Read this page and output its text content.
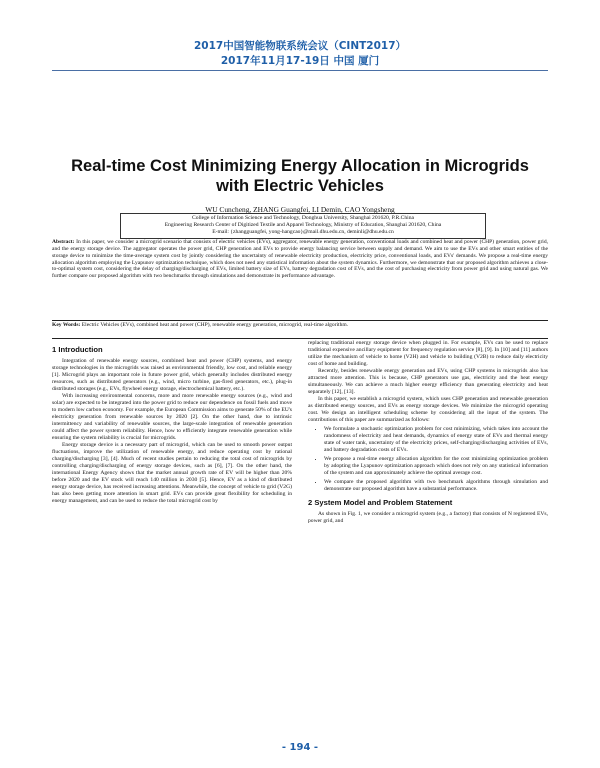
2017中国智能物联系统会议（CINT2017）
2017年11月17-19日 中国 厦门
Real-time Cost Minimizing Energy Allocation in Microgrids with Electric Vehicles
WU Cuncheng, ZHANG Guangfei, LI Demin, CAO Yongsheng
College of Information Science and Technology, Donghua University, Shanghai 201620, P.R.China
Engineering Research Center of Digitized Textile and Apparel Technology, Ministry of Education, Shanghai 201620, China
E-mail: {zhangguangfei, yong-hangcao}@mail.dhu.edu.cn, deminli@dhu.edu.cn
Abstract: In this paper, we consider a microgrid scenario that consists of electric vehicles (EVs), aggregator, renewable energy generation, conventional loads and combined heat and power (CHP) generation, power grid, and the energy storage device. The aggregator operates the power grid, CHP generation and EVs to provide energy balancing service between supply and demand. We aim to use the EVs and other smart entities of the storage device to minimize the time-average system cost by jointly considering the uncertainty of renewable electricity production, electricity price, conventional loads, and EVs' demands. We propose a real-time energy allocation algorithm employing the Lyapunov optimization technique, which does not need any statistical information about the system dynamics. Furthermore, we demonstrate that our proposed algorithm achieves a close-to-optimal system cost, considering the delay of charging/discharging of EVs, limited battery size of EVs, battery degradation cost of EVs, and the cost of purchasing electricity from power grid and using natural gas. We further compare our proposed algorithm with two benchmarks through simulations and demonstrate its performance advantage.
Key Words: Electric Vehicles (EVs), combined heat and power (CHP), renewable energy generation, microgrid, real-time algorithm.
1 Introduction

Integration of renewable energy sources, combined heat and power (CHP) systems, and energy storage technologies in the microgrids was raised as environmental friendly, low cost, and reliable energy [1]. Microgrid plays an important role in future power grid, which generally includes distributed energy resources, such as distributed generators (e.g., wind, micro turbine, gas-fired generators, etc.), plug-in distributed storages (e.g., EVs, flywheel energy storage, electrochemical battery, etc.).

With increasing environmental concerns, more and more renewable energy sources (e.g., wind and solar) are expected to be integrated into the power grid to reduce our dependence on fossil fuels and move to modern low carbon economy. For example, the European Commission aims to generate 50% of the EU's electricity generation from renewable sources by 2020 [2]. On the other hand, due to intrinsic intermittency and variability of renewable sources, the large-scale integration of renewable generation could affect the power system reliability. Hence, how to efficiently integrate renewable generation while ensuring the system reliability is crucial for microgrids.

Energy storage device is a necessary part of microgrid, which can be used to smooth power output fluctuations, improve the utilization of renewable energy, and reduce operating cost by rational charging/discharging [3], [4]. Much of recent studies pertain to reducing the total cost of microgrids by controlling charging/discharging of energy storage devices, such as [6], [7]. On the other hand, the international Energy Agency shows that the market annual growth rate of EV will be higher than 20% before 2020 and the EV stock will reach 140 million in 2030 [5]. Hence, EV as a kind of distributed energy storage device, has received increasing attentions. Meanwhile, the concept of vehicle to grid (V2G) has also been getting more attention in smart grid. EVs can provide great flexibility for scheduling in energy management, and can be used to reduce the total microgrid cost by

replacing traditional energy storage device when plugged in. For example, EVs can be used to replace traditional expensive ancillary equipment for frequency regulation service [8], [9]. In [10] and [11] authors utilize the mechanism of vehicle to home (V2H) and vehicle to building (V2B) to reduce daily electricity cost of home and building.

Recently, besides renewable energy generation and EVs, using CHP systems in microgrids also has attracted more attention. This is because, CHP generators use gas, electricity and the heat energy simultaneously. We can achieve a much higher energy efficiency than generating electricity and heat separately [12], [13].

In this paper, we establish a microgrid system, which uses CHP generation and renewable generation as distributed energy sources, and EVs as energy storage devices. We minimize the microgrid operating cost. We design an intelligent scheduling scheme by considering all the input of the system. The contributions of this paper are summarized as follows:

• We formulate a stochastic optimization problem for cost minimizing, which takes into account the randomness of electricity and heat demands, dynamics of energy state of EVs and thermal energy state of water tank, uncertainty of the electricity prices, self-charging/discharging activities of EVs, and battery degradation costs of EVs.
• We propose a real-time energy allocation algorithm for the cost minimizing optimization problem by adopting the Lyapunov optimization approach which does not rely on any statistical information of the system and can approximately achieve the optimal average cost.
• We compare the proposed algorithm with two benchmark algorithms through simulation and demonstrate our proposed algorithm have a substantial performance.
2 System Model and Problem Statement

As shown in Fig. 1, we consider a microgrid system (e.g., a factory) that consists of N registered EVs, power grid, and

- 194 -
